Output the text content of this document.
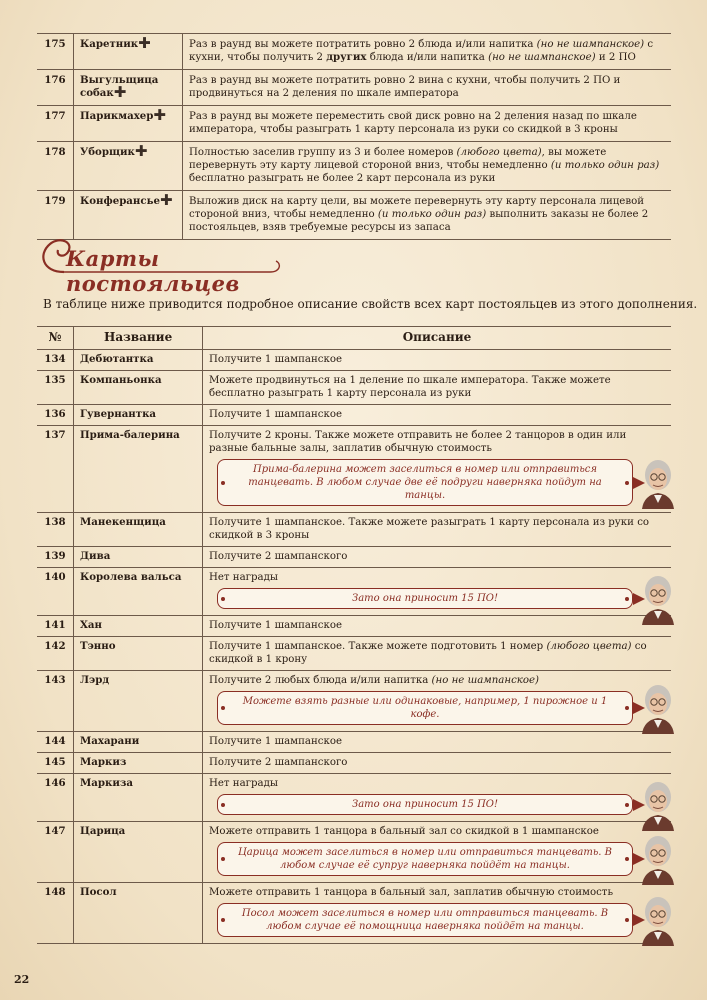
175	Каретник✚	Раз в раунд вы можете потратить ровно 2 блюда и/или напитка (но не шампанское) с кухни, чтобы получить 2 других блюда и/или напитка (но не шампанское) и 2 ПО

176	Выгульщица собак✚	Раз в раунд вы можете потратить ровно 2 вина с кухни, чтобы получить 2 ПО и продвинуться на 2 деления по шкале императора

177	Парикмахер✚	Раз в раунд вы можете переместить свой диск ровно на 2 деления назад по шкале императора, чтобы разыграть 1 карту персонала из руки со скидкой в 3 кроны

178	Уборщик✚	Полностью заселив группу из 3 и более номеров (любого цвета), вы можете перевернуть эту карту лицевой стороной вниз, чтобы немедленно (и только один раз) бесплатно разыграть не более 2 карт персонала из руки

179	Конферансье✚	Выложив диск на карту цели, вы можете перевернуть эту карту персонала лицевой стороной вниз, чтобы немедленно (и только один раз) выполнить заказы не более 2 постояльцев, взяв требуемые ресурсы из запаса
Карты постояльцев
В таблице ниже приводится подробное описание свойств всех карт постояльцев из этого дополнения.
№	Название	Описание
134	Дебютантка	Получите 1 шампанское

135	Компаньонка	Можете продвинуться на 1 деление по шкале императора. Также можете бесплатно разыграть 1 карту персонала из руки

136	Гувернантка	Получите 1 шампанское

137	Прима-балерина	Получите 2 кроны. Также можете отправить не более 2 танцоров в один или разные бальные залы, заплатив обычную стоимость
Прима-балерина может заселиться в номер или отправиться танцевать. В любом случае две её подруги наверняка пойдут на танцы.

138	Манекенщица	Получите 1 шампанское. Также можете разыграть 1 карту персонала из руки со скидкой в 3 кроны

139	Дива	Получите 2 шампанского

140	Королева вальса	Нет награды
Зато она приносит 15 ПО!

141	Хан	Получите 1 шампанское

142	Тэнно	Получите 1 шампанское. Также можете подготовить 1 номер (любого цвета) со скидкой в 1 крону

143	Лэрд	Получите 2 любых блюда и/или напитка (но не шампанское)
Можете взять разные или одинаковые, например, 1 пирожное и 1 кофе.

144	Махарани	Получите 1 шампанское

145	Маркиз	Получите 2 шампанского

146	Маркиза	Нет награды
Зато она приносит 15 ПО!

147	Царица	Можете отправить 1 танцора в бальный зал со скидкой в 1 шампанское
Царица может заселиться в номер или отправиться танцевать. В любом случае её супруг наверняка пойдёт на танцы.

148	Посол	Можете отправить 1 танцора в бальный зал, заплатив обычную стоимость
Посол может заселиться в номер или отправиться танцевать. В любом случае её помощница наверняка пойдёт на танцы.
22
